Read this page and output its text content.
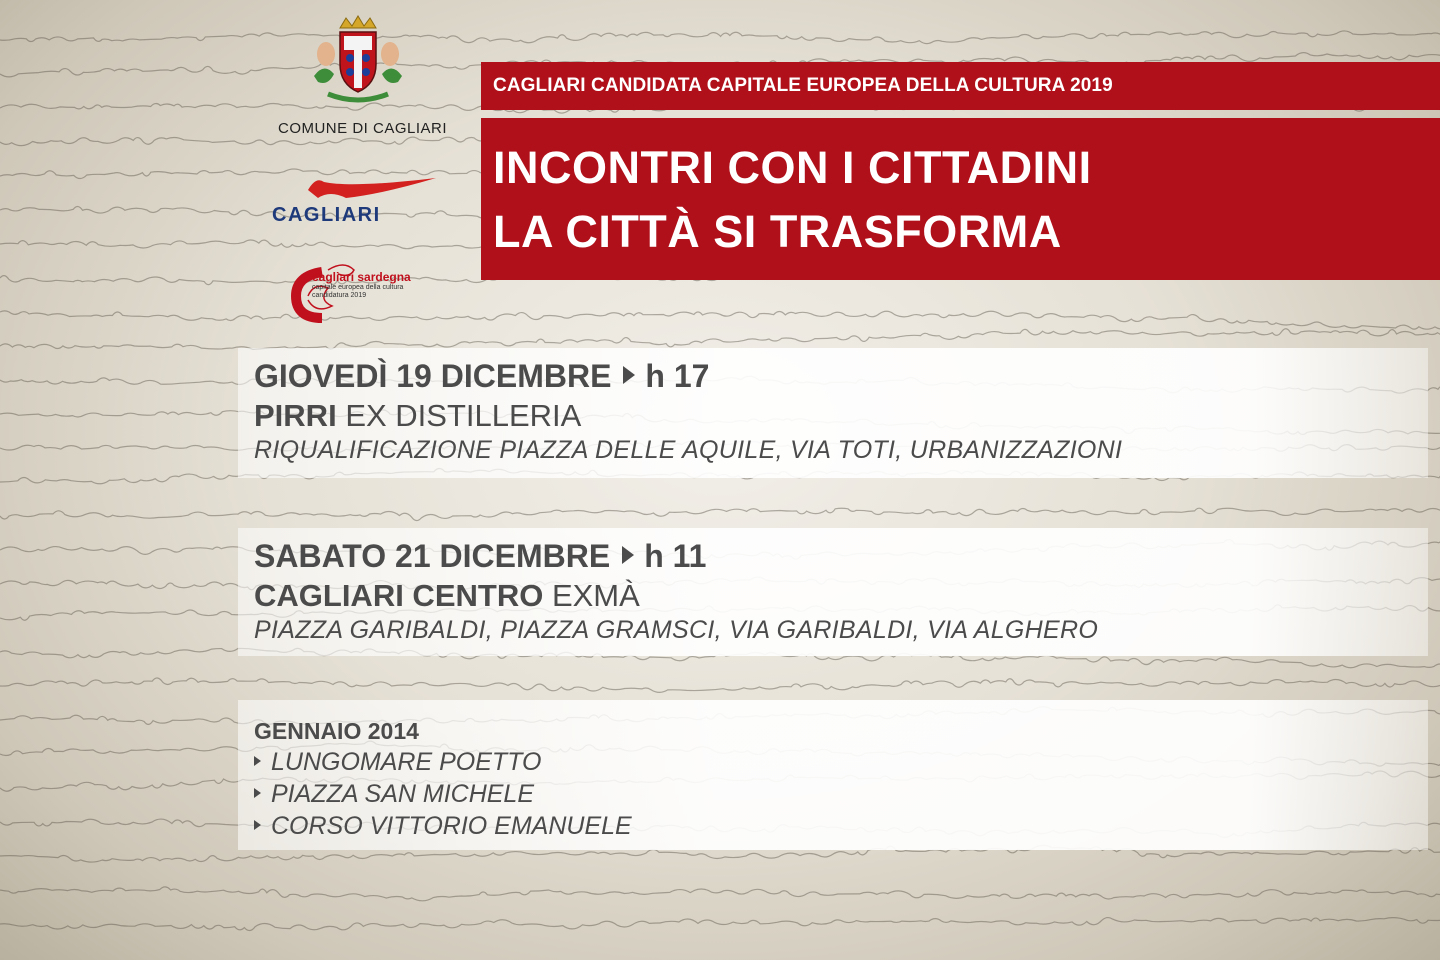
COMUNE DI CAGLIARI
CAGLIARI
cagliari sardegna
capitale europea della cultura candidatura 2019
CAGLIARI CANDIDATA CAPITALE EUROPEA DELLA CULTURA 2019
INCONTRI CON I CITTADINI
LA CITTÀ SI TRASFORMA
GIOVEDÌ 19 DICEMBRE h 17
PIRRI EX DISTILLERIA
RIQUALIFICAZIONE PIAZZA DELLE AQUILE, VIA TOTI, URBANIZZAZIONI
SABATO 21 DICEMBRE h 11
CAGLIARI CENTRO EXMÀ
PIAZZA GARIBALDI, PIAZZA GRAMSCI, VIA GARIBALDI, VIA ALGHERO
GENNAIO 2014
LUNGOMARE POETTO
PIAZZA SAN MICHELE
CORSO VITTORIO EMANUELE
